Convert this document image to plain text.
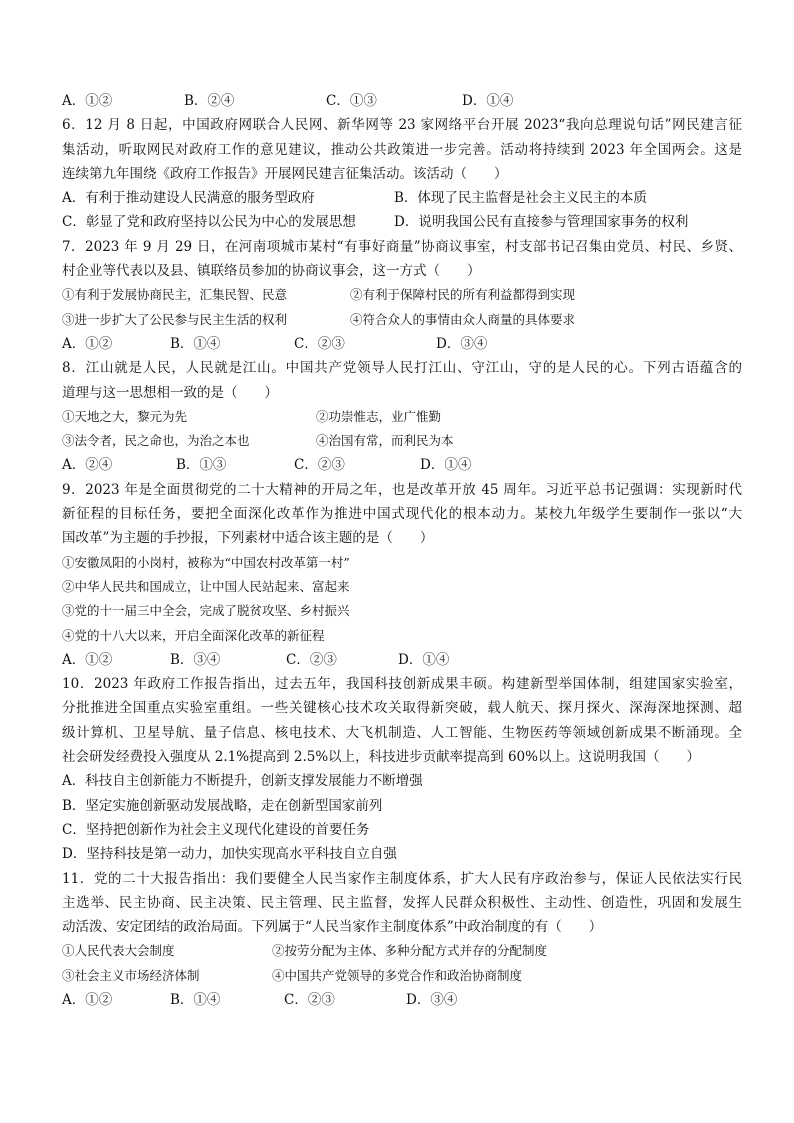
A．①②	B．②④	C．①③	D．①④
6．12 月 8 日起，中国政府网联合人民网、新华网等 23 家网络平台开展 2023“我向总理说句话”网民建言征
集活动，听取网民对政府工作的意见建议，推动公共政策进一步完善。活动将持续到 2023 年全国两会。这是
连续第九年围绕《政府工作报告》开展网民建言征集活动。该活动（　　）
A．有利于推动建设人民满意的服务型政府	B．体现了民主监督是社会主义民主的本质
C．彰显了党和政府坚持以公民为中心的发展思想	D．说明我国公民有直接参与管理国家事务的权利
7．2023 年 9 月 29 日，在河南项城市某村“有事好商量”协商议事室，村支部书记召集由党员、村民、乡贤、
村企业等代表以及县、镇联络员参加的协商议事会，这一方式（　　）
①有利于发展协商民主，汇集民智、民意	②有利于保障村民的所有利益都得到实现
③进一步扩大了公民参与民主生活的权利	④符合众人的事情由众人商量的具体要求
A．①②	B．①④	C．②③	D．③④
8．江山就是人民，人民就是江山。中国共产党领导人民打江山、守江山，守的是人民的心。下列古语蕴含的
道理与这一思想相一致的是（　　）
①天地之大，黎元为先	②功崇惟志，业广惟勤
③法令者，民之命也，为治之本也	④治国有常，而利民为本
A．②④	B．①③	C．②③	D．①④
9．2023 年是全面贯彻党的二十大精神的开局之年，也是改革开放 45 周年。习近平总书记强调：实现新时代
新征程的目标任务，要把全面深化改革作为推进中国式现代化的根本动力。某校九年级学生要制作一张以“大
国改革”为主题的手抄报，下列素材中适合该主题的是（　　）
①安徽凤阳的小岗村，被称为“中国农村改革第一村”
②中华人民共和国成立，让中国人民站起来、富起来
③党的十一届三中全会，完成了脱贫攻坚、乡村振兴
④党的十八大以来，开启全面深化改革的新征程
A．①②	B．③④	C．②③	D．①④
10．2023 年政府工作报告指出，过去五年，我国科技创新成果丰硕。构建新型举国体制，组建国家实验室，
分批推进全国重点实验室重组。一些关键核心技术攻关取得新突破，载人航天、探月探火、深海深地探测、超
级计算机、卫星导航、量子信息、核电技术、大飞机制造、人工智能、生物医药等领域创新成果不断涌现。全
社会研发经费投入强度从 2.1%提高到 2.5%以上，科技进步贡献率提高到 60%以上。这说明我国（　　）
A．科技自主创新能力不断提升，创新支撑发展能力不断增强
B．坚定实施创新驱动发展战略，走在创新型国家前列
C．坚持把创新作为社会主义现代化建设的首要任务
D．坚持科技是第一动力，加快实现高水平科技自立自强
11．党的二十大报告指出：我们要健全人民当家作主制度体系，扩大人民有序政治参与，保证人民依法实行民
主选举、民主协商、民主决策、民主管理、民主监督，发挥人民群众积极性、主动性、创造性，巩固和发展生
动活泼、安定团结的政治局面。下列属于“人民当家作主制度体系”中政治制度的有（　　）
①人民代表大会制度	②按劳分配为主体、多种分配方式并存的分配制度
③社会主义市场经济体制	④中国共产党领导的多党合作和政治协商制度
A．①②	B．①④	C．②③	D．③④
